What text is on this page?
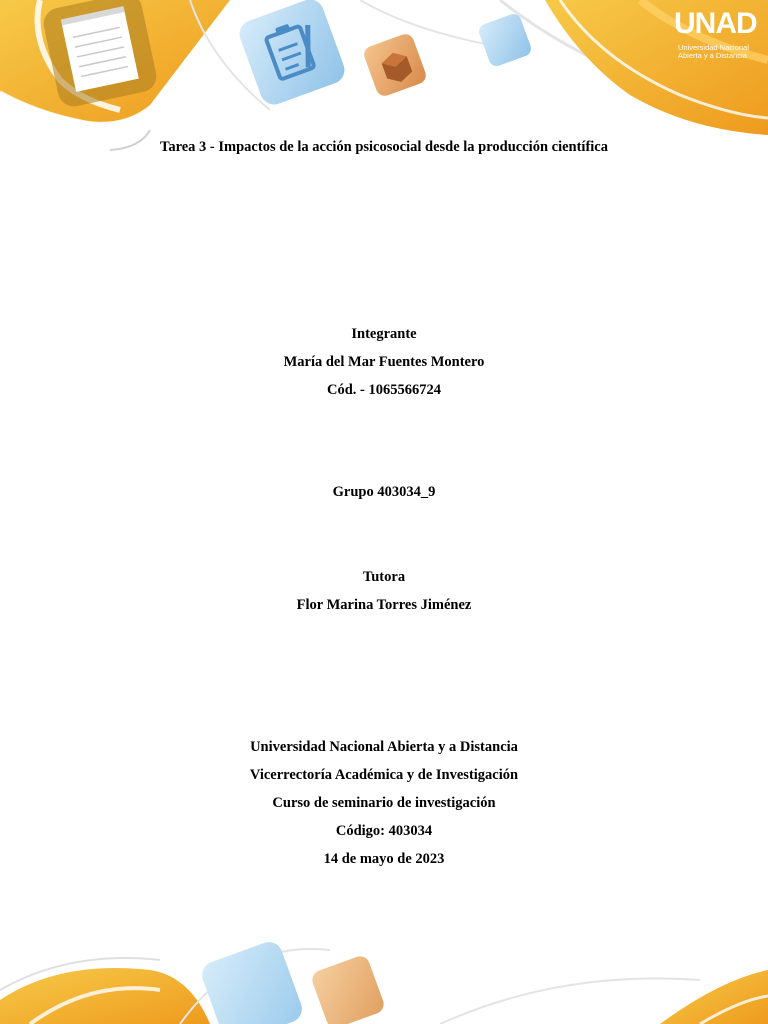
UNAD
Universidad Nacional
Abierta y a Distancia
Tarea 3 - Impactos de la acción psicosocial desde la producción científica
Integrante
María del Mar Fuentes Montero
Cód. - 1065566724
Grupo 403034_9
Tutora
Flor Marina Torres Jiménez
Universidad Nacional Abierta y a Distancia
Vicerrectoría Académica y de Investigación
Curso de seminario de investigación
Código: 403034
14 de mayo de 2023
